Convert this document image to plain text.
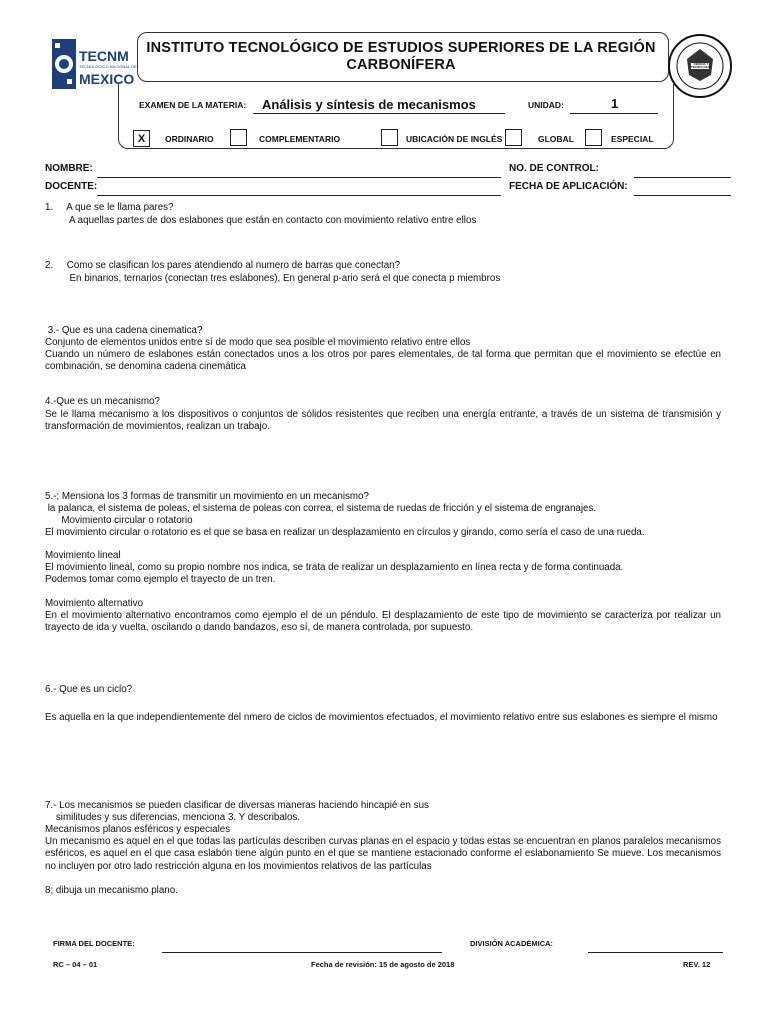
TECNM
TECNOLÓGICO NACIONAL DE
MEXICO
INSTITUTO TECNOLÓGICO DE ESTUDIOS SUPERIORES DE LA REGIÓN
CARBONÍFERA	CIENCIA Y TECNOLOGIA
EXAMEN DE LA MATERIA: Análisis y síntesis de mecanismos	UNIDAD:	1
X	ORDINARIO	COMPLEMENTARIO	UBICACIÓN DE INGLÉS	GLOBAL	ESPECIAL
NOMBRE:
DOCENTE:
NO. DE CONTROL:
FECHA DE APLICACIÓN:
1.     A que se le llama pares?
A aquellas partes de dos eslabones que están en contacto con movimiento relativo entre ellos
2.     Como se clasifican los pares atendiendo al numero de barras que conectan?
En binarios, ternarios (conectan tres eslabones), En general p-ario será el que conecta p miembros
3.- Que es una cadena cinematica?
Conjunto de elementos unidos entre sí de modo que sea posible el movimiento relativo entre ellos
Cuando un número de eslabones están conectados unos a los otros por pares elementales, de tal forma que permitan que el movimiento se efectúe en combinación, se denomina cadena cinemática
4.-Que es un mecanismo?
Se le llama mecanismo a los dispositivos o conjuntos de sólidos resistentes que reciben una energía entrante, a través de un sistema de transmisión y transformación de movimientos, realizan un trabajo.
5.-; Mensiona los 3 formas de transmitir un movimiento en un mecanismo?
la palanca, el sistema de poleas, el sistema de poleas con correa, el sistema de ruedas de fricción y el sistema de engranajes.
Movimiento circular o rotatorio
El movimiento circular o rotatorio es el que se basa en realizar un desplazamiento en círculos y girando, como sería el caso de una rueda.
Movimiento lineal
El movimiento lineal, como su propio nombre nos indica, se trata de realizar un desplazamiento en línea recta y de forma continuada.
Podemos tomar como ejemplo el trayecto de un tren.
Movimiento alternativo
En el movimiento alternativo encontramos como ejemplo el de un péndulo. El desplazamiento de este tipo de movimiento se caracteriza por realizar un trayecto de ida y vuelta, oscilando o dando bandazos, eso sí, de manera controlada, por supuesto.
6.- Que es un ciclo?
Es aquella en la que independientemente del nmero de ciclos de movimientos efectuados, el movimiento relativo entre sus eslabones es siempre el mismo
7.- Los mecanismos se pueden clasificar de diversas maneras haciendo hincapié en sus
similitudes y sus diferencias, menciona 3. Y describalos.
Mecanismos planos esféricos y especiales
Un mecanismo es aquel en el que todas las partículas describen curvas planas en el espacio y todas estas se encuentran en planos paralelos mecanismos esféricos, es aquel en el que casa eslabón tiene algún punto en el que se mantiene estacionado conforme el eslabonamiento Se mueve. Los mecanismos no incluyen por otro lado restricción alguna en los movimientos relativos de las partículas
8; dibuja un mecanismo plano.
FIRMA DEL DOCENTE:	DIVISIÓN ACADÉMICA:
RC – 04 – 01	Fecha de revisión: 15 de agosto de 2018	REV. 12
